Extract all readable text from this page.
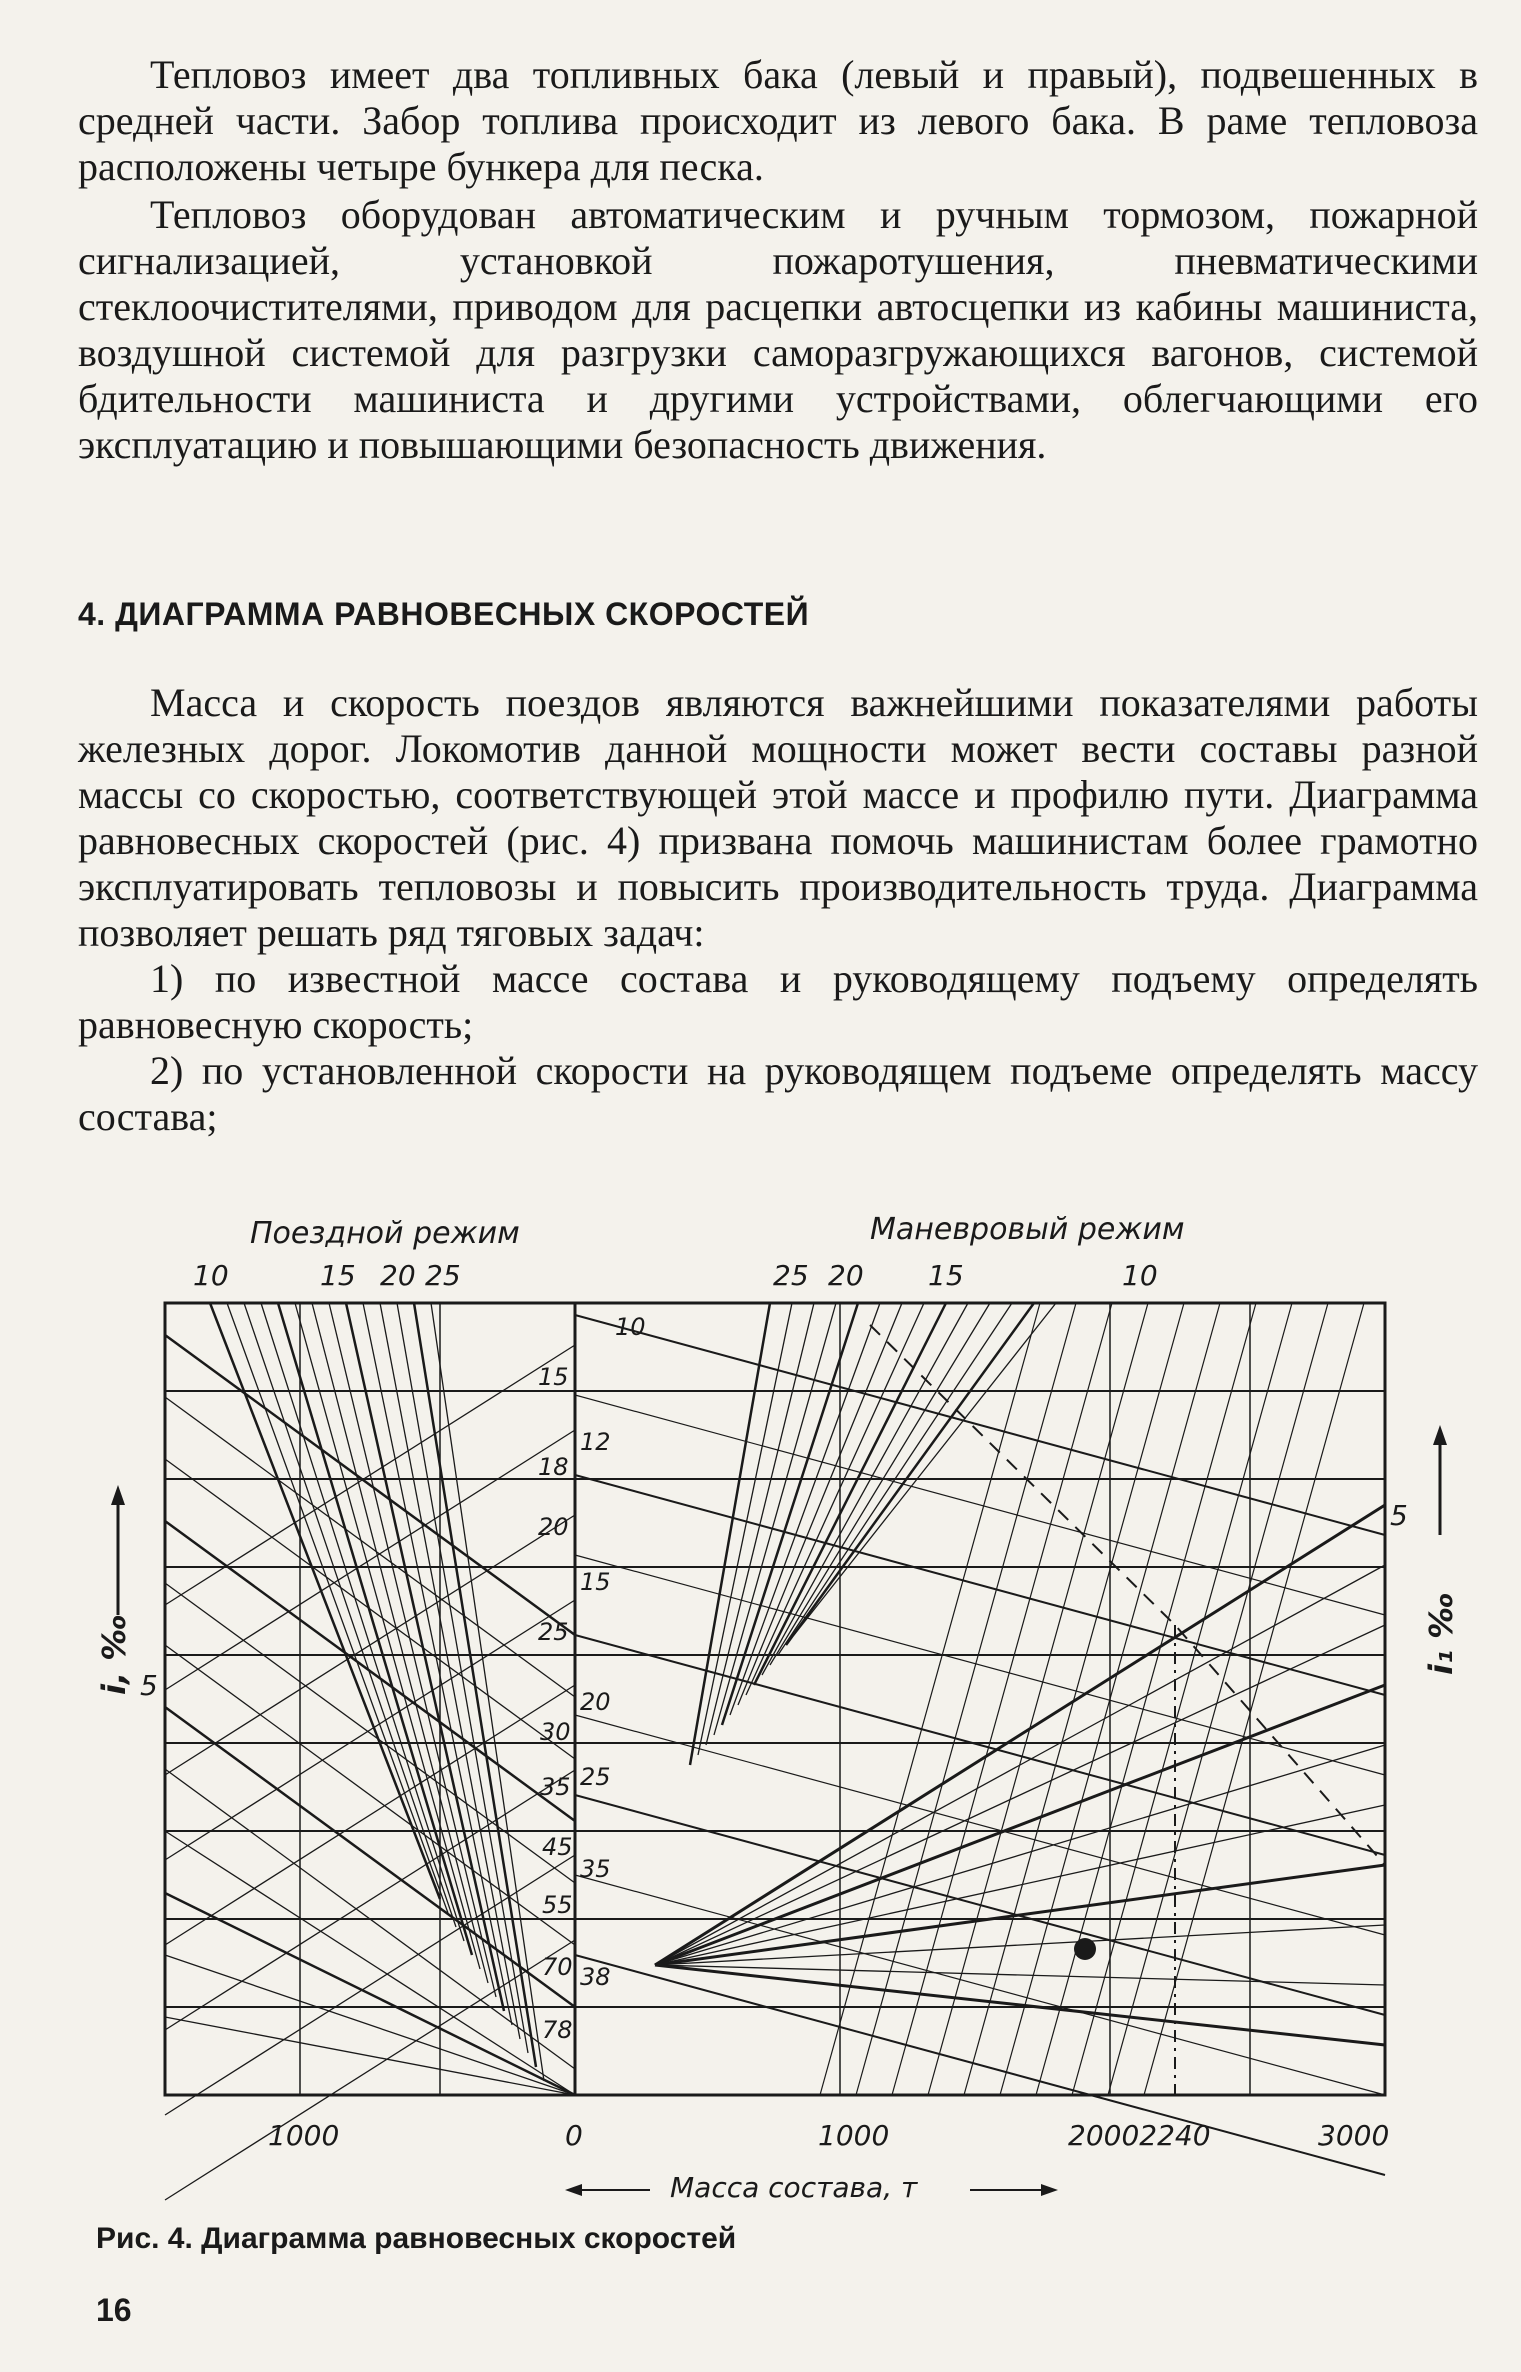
Тепловоз имеет два топливных бака (левый и правый), подвешенных в средней части. Забор топлива происходит из левого бака. В раме тепловоза расположены четыре бункера для песка.

Тепловоз оборудован автоматическим и ручным тормозом, пожарной сигнализацией, установкой пожаротушения, пневматическими стеклоочистителями, приводом для расцепки автосцепки из кабины машиниста, воздушной системой для разгрузки саморазгружающихся вагонов, системой бдительности машиниста и другими устройствами, облегчающими его эксплуатацию и повышающими безопасность движения.

4. ДИАГРАММА РАВНОВЕСНЫХ СКОРОСТЕЙ

Масса и скорость поездов являются важнейшими показателями работы железных дорог. Локомотив данной мощности может вести составы разной массы со скоростью, соответствующей этой массе и профилю пути. Диаграмма равновесных скоростей (рис. 4) призвана помочь машинистам более грамотно эксплуатировать тепловозы и повысить производительность труда. Диаграмма позволяет решать ряд тяговых задач:

1) по известной массе состава и руководящему подъему определять равновесную скорость;

2) по установленной скорости на руководящем подъеме определять массу состава;

Поездной режим	Маневровый режим
10	15 20 25	25 20 15	10
15
18
20
25
30
35
45
55
70
78
10
12
15
20
25
35
38
i, ‰ 5
i₁ ‰
5
1000	0	1000	20002240	3000
Масса состава, т
Рис. 4. Диаграмма равновесных скоростей
16
